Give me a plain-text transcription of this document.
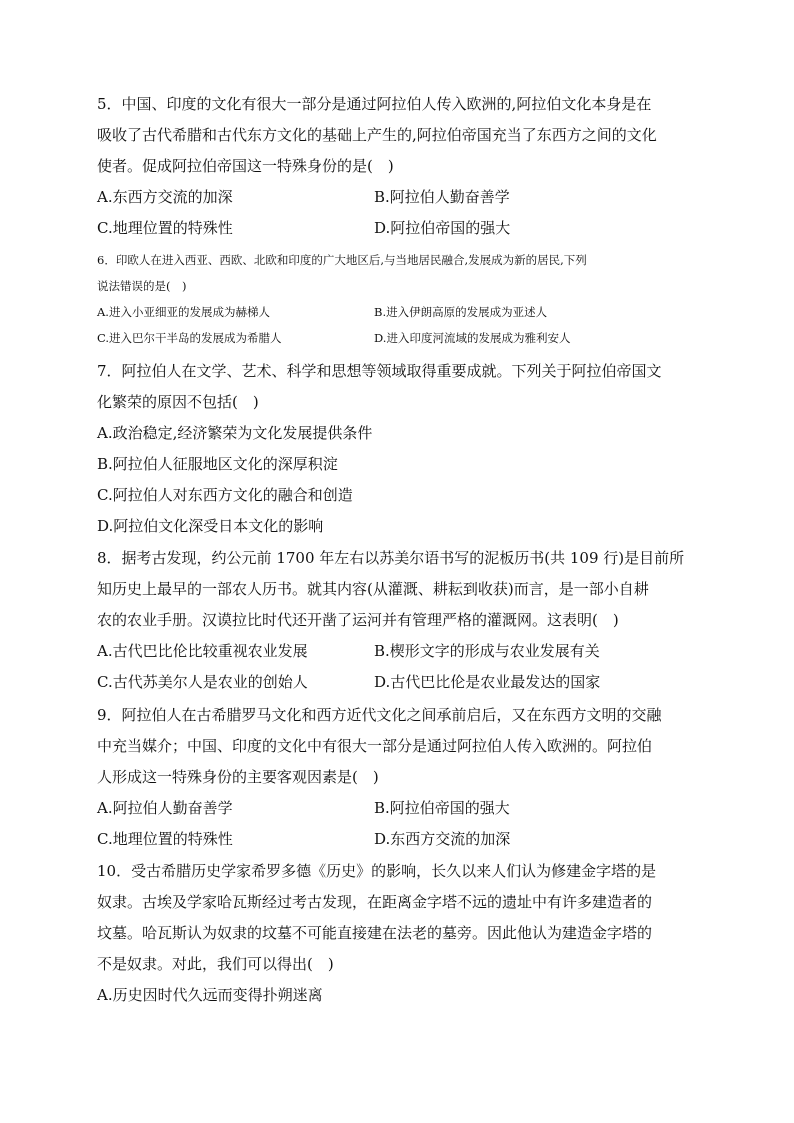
5．中国、印度的文化有很大一部分是通过阿拉伯人传入欧洲的,阿拉伯文化本身是在
吸收了古代希腊和古代东方文化的基础上产生的,阿拉伯帝国充当了东西方之间的文化
使者。促成阿拉伯帝国这一特殊身份的是(　)
A.东西方交流的加深	B.阿拉伯人勤奋善学
C.地理位置的特殊性	D.阿拉伯帝国的强大
6．印欧人在进入西亚、西欧、北欧和印度的广大地区后,与当地居民融合,发展成为新的居民,下列
说法错误的是(　)
A.进入小亚细亚的发展成为赫梯人	B.进入伊朗高原的发展成为亚述人
C.进入巴尔干半岛的发展成为希腊人	D.进入印度河流域的发展成为雅利安人
7．阿拉伯人在文学、艺术、科学和思想等领域取得重要成就。下列关于阿拉伯帝国文
化繁荣的原因不包括(　)
A.政治稳定,经济繁荣为文化发展提供条件
B.阿拉伯人征服地区文化的深厚积淀
C.阿拉伯人对东西方文化的融合和创造
D.阿拉伯文化深受日本文化的影响
8．据考古发现，约公元前 1700 年左右以苏美尔语书写的泥板历书(共 109 行)是目前所
知历史上最早的一部农人历书。就其内容(从灌溉、耕耘到收获)而言，是一部小自耕
农的农业手册。汉谟拉比时代还开凿了运河并有管理严格的灌溉网。这表明(　)
A.古代巴比伦比较重视农业发展	B.楔形文字的形成与农业发展有关
C.古代苏美尔人是农业的创始人	D.古代巴比伦是农业最发达的国家
9．阿拉伯人在古希腊罗马文化和西方近代文化之间承前启后，又在东西方文明的交融
中充当媒介；中国、印度的文化中有很大一部分是通过阿拉伯人传入欧洲的。阿拉伯
人形成这一特殊身份的主要客观因素是(　)
A.阿拉伯人勤奋善学	B.阿拉伯帝国的强大
C.地理位置的特殊性	D.东西方交流的加深
10．受古希腊历史学家希罗多德《历史》的影响，长久以来人们认为修建金字塔的是
奴隶。古埃及学家哈瓦斯经过考古发现，在距离金字塔不远的遗址中有许多建造者的
坟墓。哈瓦斯认为奴隶的坟墓不可能直接建在法老的墓旁。因此他认为建造金字塔的
不是奴隶。对此，我们可以得出(　)
A.历史因时代久远而变得扑朔迷离
